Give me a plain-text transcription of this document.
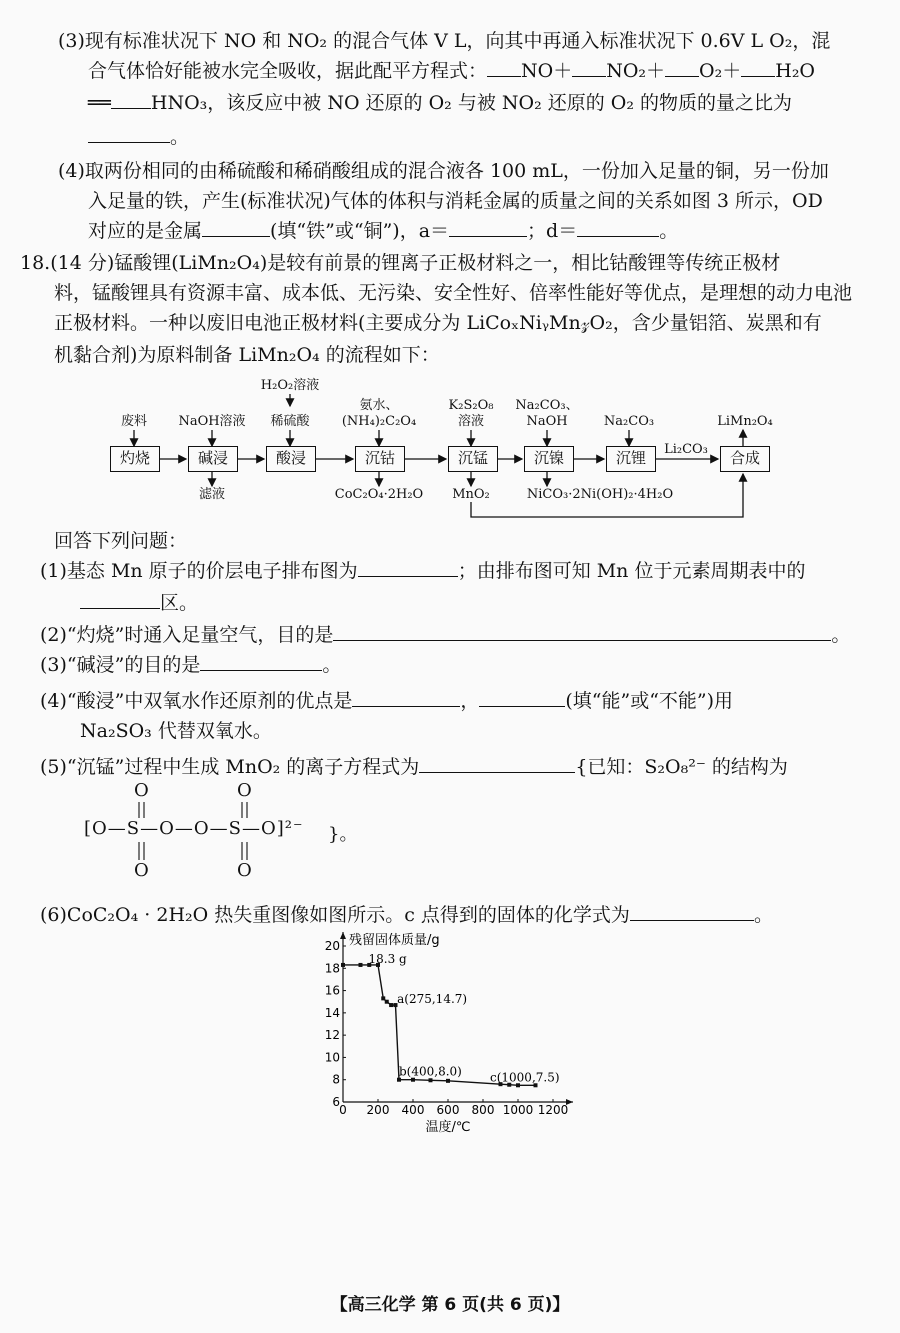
(3)现有标准状况下 NO 和 NO₂ 的混合气体 V L，向其中再通入标准状况下 0.6V L O₂，混
合气体恰好能被水完全吸收，据此配平方程式： NO＋ NO₂＋ O₂＋ H₂O
══ HNO₃，该反应中被 NO 还原的 O₂ 与被 NO₂ 还原的 O₂ 的物质的量之比为
。
(4)取两份相同的由稀硫酸和稀硝酸组成的混合液各 100 mL，一份加入足量的铜，另一份加
入足量的铁，产生(标准状况)气体的体积与消耗金属的质量之间的关系如图 3 所示，OD
对应的是金属	(填“铁”或“铜”)，a＝	；d＝	。
18.(14 分)锰酸锂(LiMn₂O₄)是较有前景的锂离子正极材料之一，相比钴酸锂等传统正极材
料，锰酸锂具有资源丰富、成本低、无污染、安全性好、倍率性能好等优点，是理想的动力电池
正极材料。一种以废旧电池正极材料(主要成分为 LiCoₓNiᵧMn𝓏O₂，含少量铝箔、炭黑和有
机黏合剂)为原料制备 LiMn₂O₄ 的流程如下：
灼烧	碱浸	酸浸	沉钴	沉锰	沉镍	沉锂	合成
废料	NaOH溶液
H₂O₂溶液
稀硫酸
氨水、
(NH₄)₂C₂O₄
K₂S₂O₈
溶液
Na₂CO₃、
NaOH	Na₂CO₃
Li₂CO₃
LiMn₂O₄
滤液	CoC₂O₄·2H₂O	MnO₂	NiCO₃·2Ni(OH)₂·4H₂O
回答下列问题：
(1)基态 Mn 原子的价层电子排布图为	；由排布图可知 Mn 位于元素周期表中的
区。
(2)“灼烧”时通入足量空气，目的是	。
(3)“碱浸”的目的是	。
(4)“酸浸”中双氧水作还原剂的优点是	，	(填“能”或“不能”)用
Na₂SO₃ 代替双氧水。
(5)“沉锰”过程中生成 MnO₂ 的离子方程式为	{已知：S₂O₈²⁻ 的结构为
O	O
[O—S—O—O—S—O]²⁻ }。
O	O
(6)CoC₂O₄ · 2H₂O 热失重图像如图所示。c 点得到的固体的化学式为	。
0 200 400 600 800 1000 1200
6
8
10
12
14
16
18
20 残留固体质量/g
温度/℃
18.3 g
a(275,14.7)
b(400,8.0) c(1000,7.5)
【高三化学 第 6 页(共 6 页)】
